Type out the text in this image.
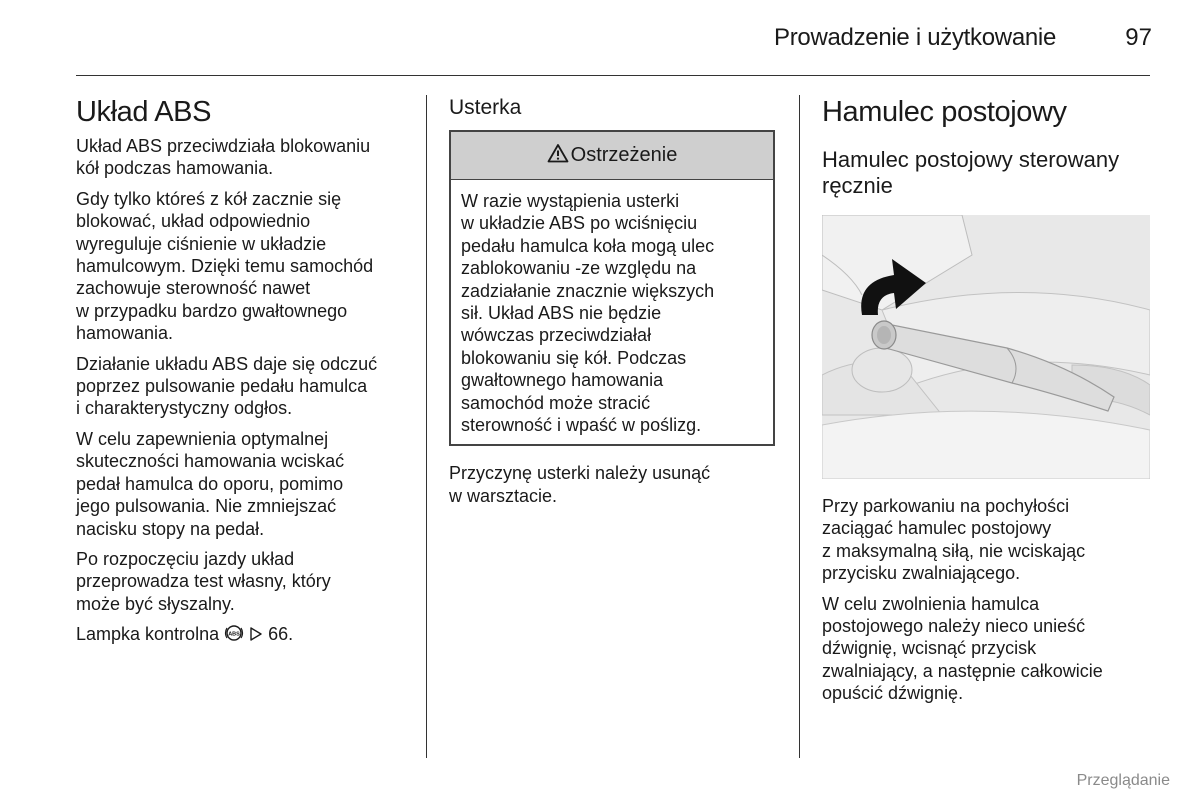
Prowadzenie i użytkowanie	97
Układ ABS

Układ ABS przeciwdziała blokowaniu
kół podczas hamowania.

Gdy tylko któreś z kół zacznie się
blokować, układ odpowiednio
wyreguluje ciśnienie w układzie
hamulcowym. Dzięki temu samochód
zachowuje sterowność nawet
w przypadku bardzo gwałtownego
hamowania.

Działanie układu ABS daje się odczuć
poprzez pulsowanie pedału hamulca
i charakterystyczny odgłos.

W celu zapewnienia optymalnej
skuteczności hamowania wciskać
pedał hamulca do oporu, pomimo
jego pulsowania. Nie zmniejszać
nacisku stopy na pedał.

Po rozpoczęciu jazdy układ
przeprowadza test własny, który
może być słyszalny.

Lampka kontrolna ABS 66.

Usterka
Ostrzeżenie

W razie wystąpienia usterki
w układzie ABS po wciśnięciu
pedału hamulca koła mogą ulec
zablokowaniu -ze względu na
zadziałanie znacznie większych
sił. Układ ABS nie będzie
wówczas przeciwdziałał
blokowaniu się kół. Podczas
gwałtownego hamowania
samochód może stracić
sterowność i wpaść w poślizg.

Przyczynę usterki należy usunąć
w warsztacie.

Hamulec postojowy
Hamulec postojowy sterowany
ręcznie

Przy parkowaniu na pochyłości
zaciągać hamulec postojowy
z maksymalną siłą, nie wciskając
przycisku zwalniającego.

W celu zwolnienia hamulca
postojowego należy nieco unieść
dźwignię, wcisnąć przycisk
zwalniający, a następnie całkowicie
opuścić dźwignię.

Przeglądanie
